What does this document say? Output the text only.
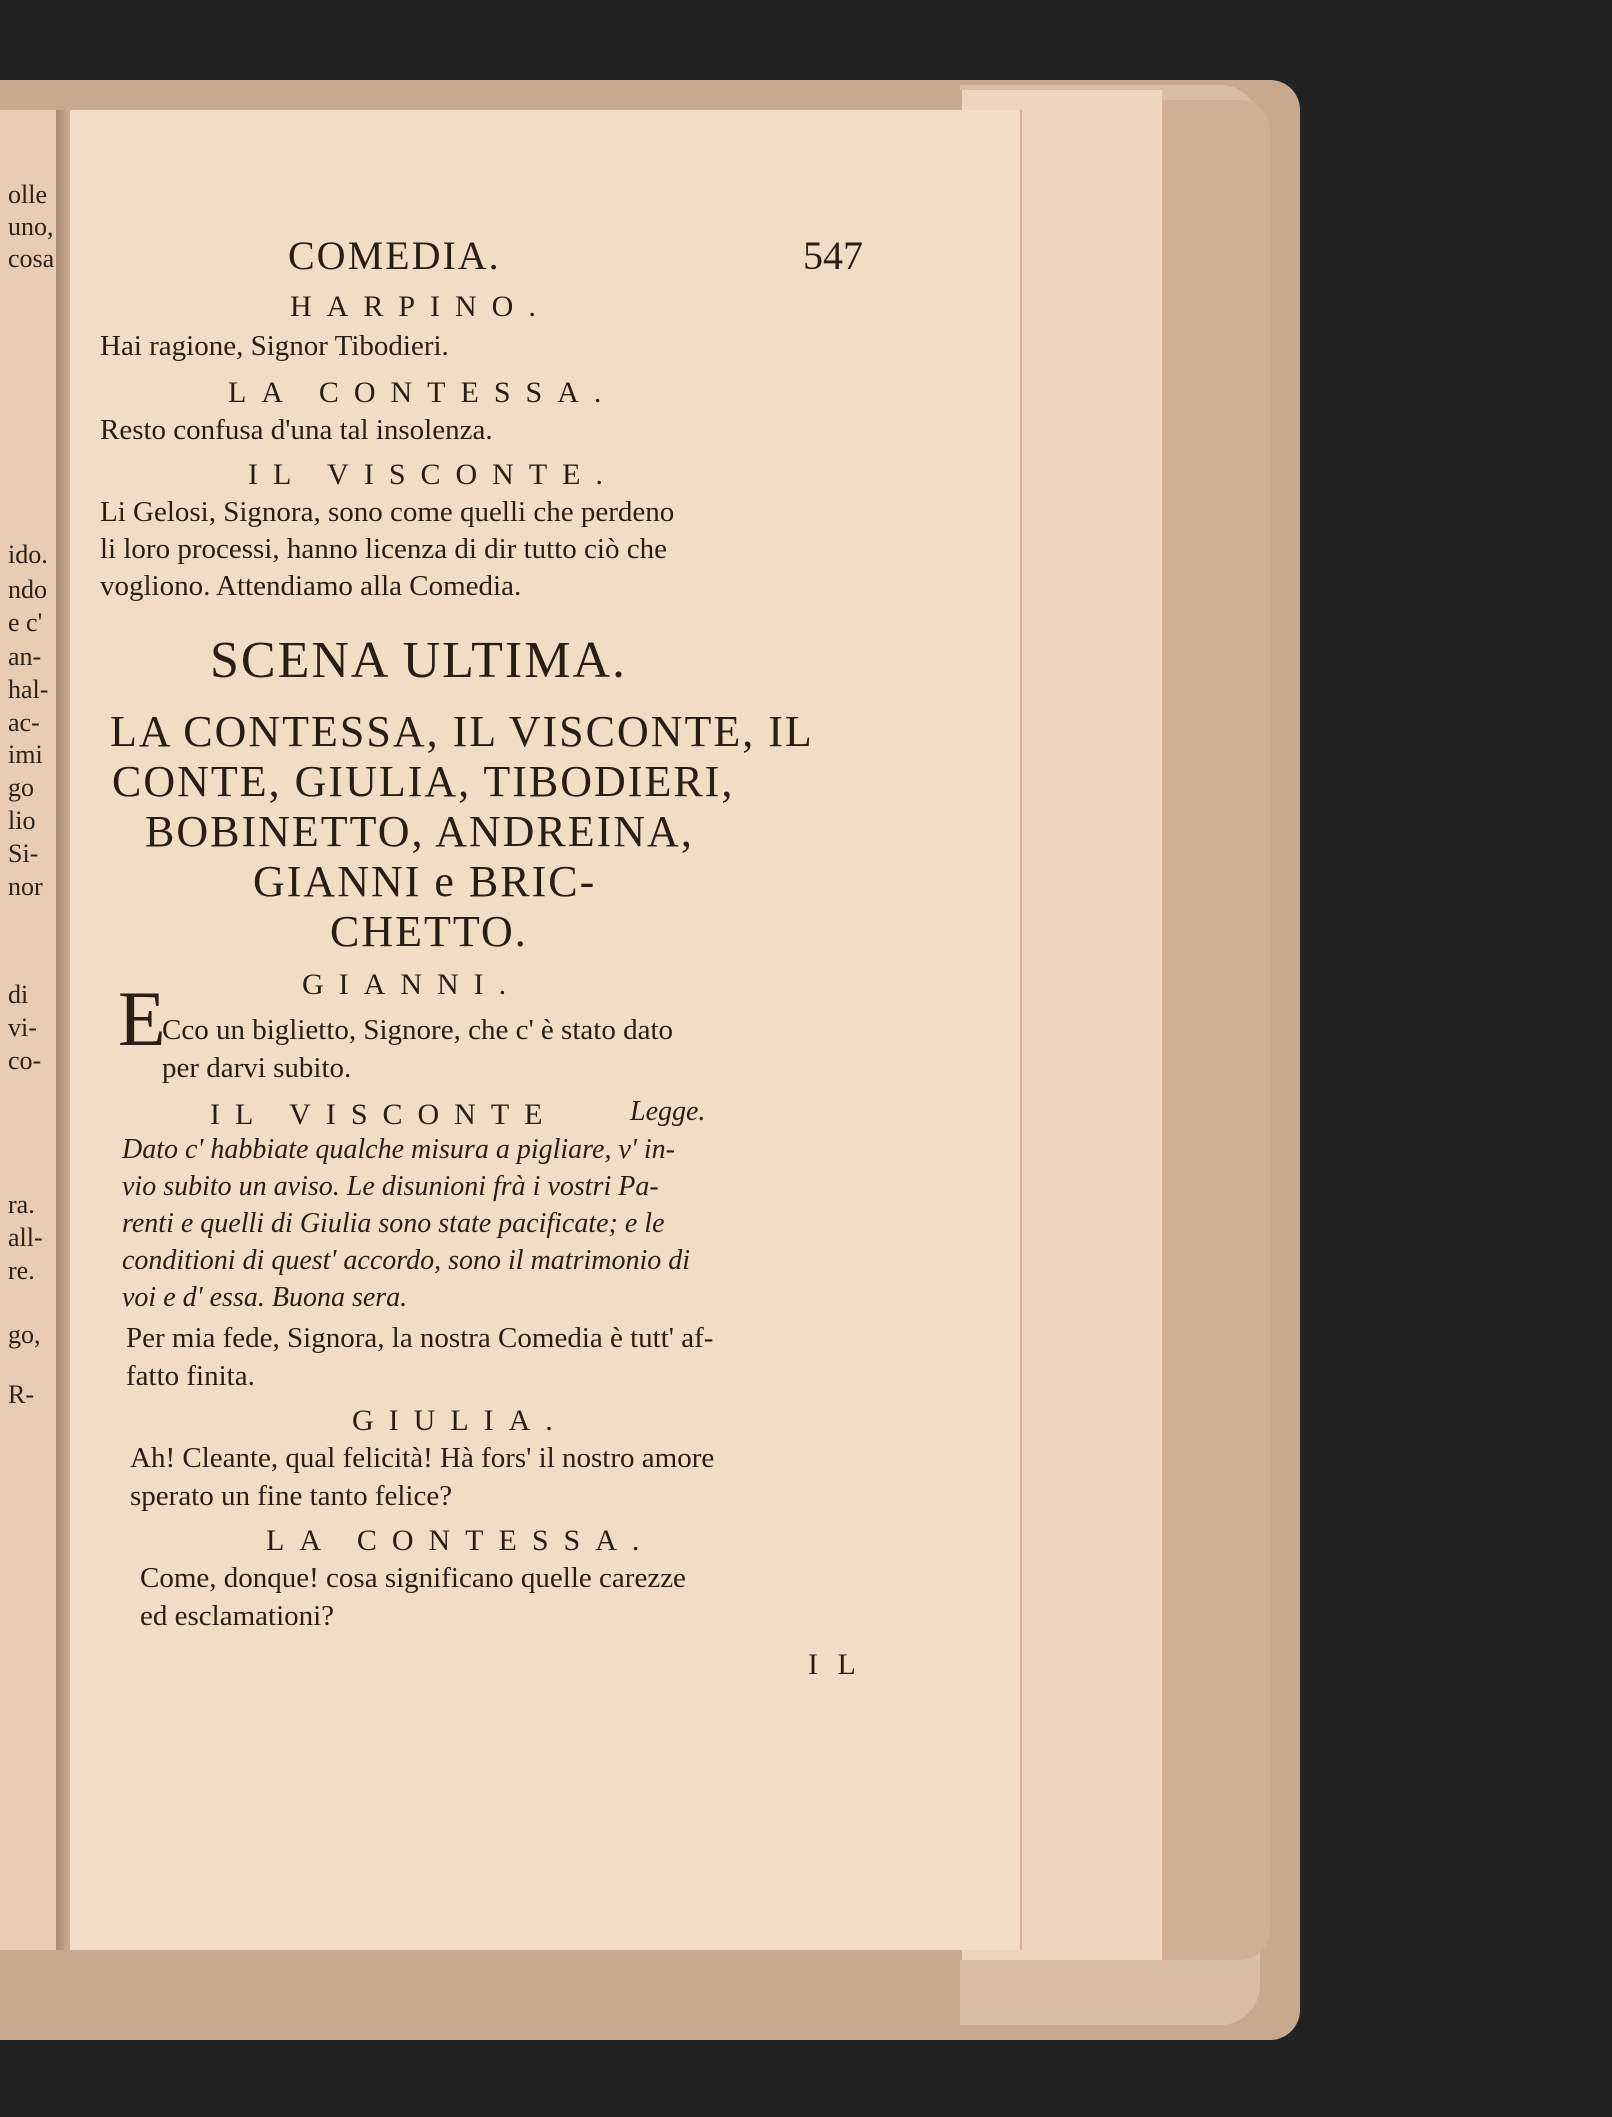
olle
uno,
cosa
ido.
ndo
e c'
an-
hal-
ac-
imi
go
lio
Si-
nor
di
vi-
co-
ra.
all-
re.
go,
R-
COMEDIA.	547
HARPINO.
Hai ragione, Signor Tibodieri.
LA CONTESSA.
Resto confusa d'una tal insolenza.
IL VISCONTE.
Li Gelosi, Signora, sono come quelli che perdeno
li loro processi, hanno licenza di dir tutto ciò che
vogliono. Attendiamo alla Comedia.
SCENA ULTIMA.
LA CONTESSA, IL VISCONTE, IL
CONTE, GIULIA, TIBODIERI,
BOBINETTO, ANDREINA,
GIANNI e BRIC-
CHETTO.
GIANNI.
E
Cco un biglietto, Signore, che c' è stato dato
per darvi subito.
IL VISCONTE	Legge.
Dato c' habbiate qualche misura a pigliare, v' in-
vio subito un aviso. Le disunioni frà i vostri Pa-
renti e quelli di Giulia sono state pacificate; e le
conditioni di quest' accordo, sono il matrimonio di
voi e d' essa. Buona sera.
Per mia fede, Signora, la nostra Comedia è tutt' af-
fatto finita.
GIULIA.
Ah! Cleante, qual felicità! Hà fors' il nostro amore
sperato un fine tanto felice?
LA CONTESSA.
Come, donque! cosa significano quelle carezze
ed esclamationi?
I L
